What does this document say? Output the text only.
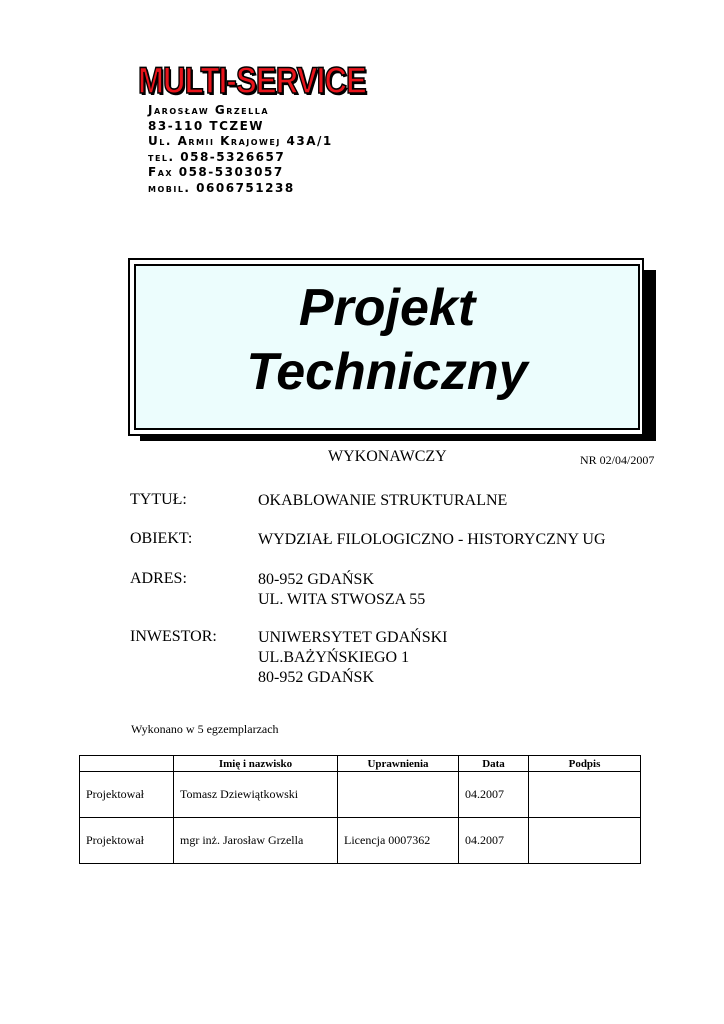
MULTI-SERVICE
Jarosław Grzella
83-110 TCZEW
Ul. Armii Krajowej 43A/1
tel. 058-5326657
Fax 058-5303057
mobil. 0606751238
Projekt
Techniczny
WYKONAWCZY	NR 02/04/2007
TYTUŁ:	OKABLOWANIE STRUKTURALNE
OBIEKT:	WYDZIAŁ FILOLOGICZNO - HISTORYCZNY UG
ADRES:	80-952 GDAŃSK
UL. WITA STWOSZA 55
INWESTOR:	UNIWERSYTET GDAŃSKI
UL.BAŻYŃSKIEGO 1
80-952 GDAŃSK
Wykonano w 5 egzemplarzach
	Imię i nazwisko	Uprawnienia	Data	Podpis
Projektował	Tomasz Dziewiątkowski		04.2007	
Projektował	mgr inż. Jarosław Grzella	Licencja 0007362	04.2007	
